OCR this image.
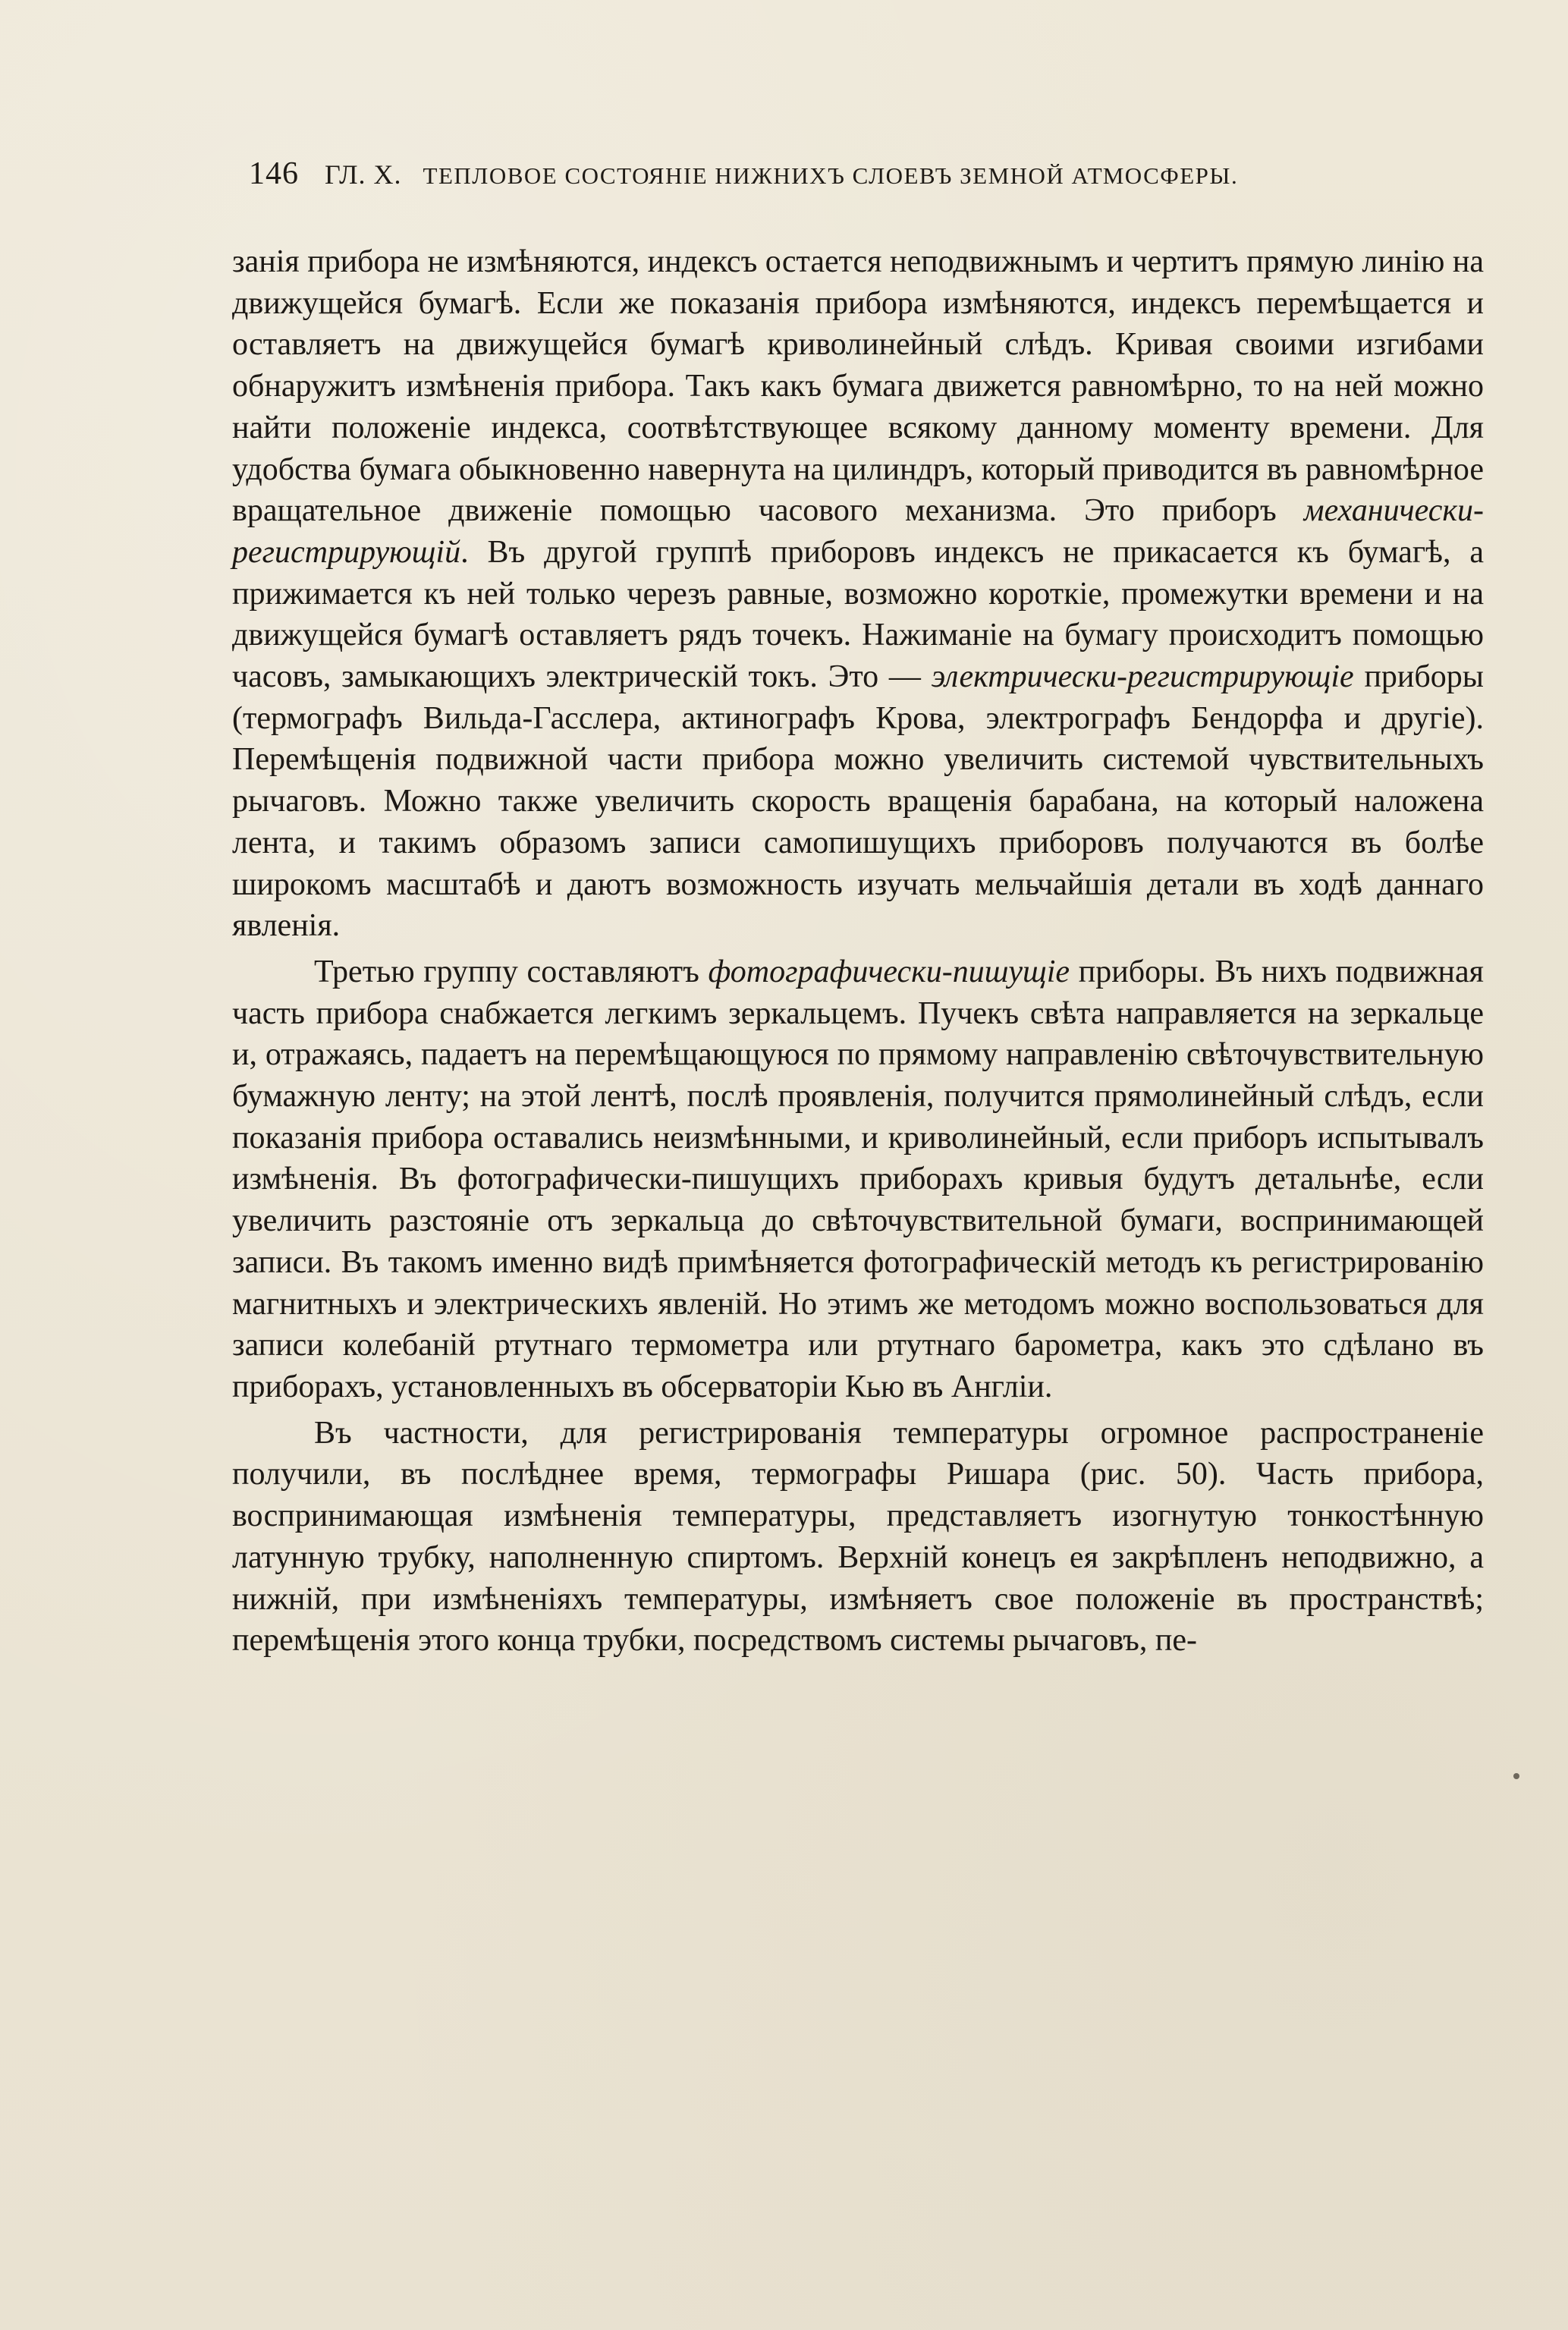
146 ГЛ. X. ТЕПЛОВОЕ СОСТОЯНІЕ НИЖНИХЪ СЛОЕВЪ ЗЕМНОЙ АТМОСФЕРЫ.

занія прибора не измѣняются, индексъ остается неподвижнымъ и чертитъ прямую линію на движущейся бумагѣ. Если же показанія прибора измѣняются, индексъ перемѣщается и оставляетъ на движущейся бумагѣ криволинейный слѣдъ. Кривая своими изгибами обнаружитъ измѣненія прибора. Такъ какъ бумага движется равномѣрно, то на ней можно найти положеніе индекса, соотвѣтствующее всякому данному моменту времени. Для удобства бумага обыкновенно навернута на цилиндръ, который приводится въ равномѣрное вращательное движеніе помощью часового механизма. Это приборъ механически-регистрирующій. Въ другой группѣ приборовъ индексъ не прикасается къ бумагѣ, а прижимается къ ней только черезъ равные, возможно короткіе, промежутки времени и на движущейся бумагѣ оставляетъ рядъ точекъ. Нажиманіе на бумагу происходитъ помощью часовъ, замыкающихъ электрическій токъ. Это — электрически-регистрирующіе приборы (термографъ Вильда-Гасслера, актинографъ Крова, электрографъ Бендорфа и другіе). Перемѣщенія подвижной части прибора можно увеличить системой чувствительныхъ рычаговъ. Можно также увеличить скорость вращенія барабана, на который наложена лента, и такимъ образомъ записи самопишущихъ приборовъ получаются въ болѣе широкомъ масштабѣ и даютъ возможность изучать мельчайшія детали въ ходѣ даннаго явленія.

Третью группу составляютъ фотографически-пишущіе приборы. Въ нихъ подвижная часть прибора снабжается легкимъ зеркальцемъ. Пучекъ свѣта направляется на зеркальце и, отражаясь, падаетъ на перемѣщающуюся по прямому направленію свѣточувствительную бумажную ленту; на этой лентѣ, послѣ проявленія, получится прямолинейный слѣдъ, если показанія прибора оставались неизмѣнными, и криволинейный, если приборъ испытывалъ измѣненія. Въ фотографически-пишущихъ приборахъ кривыя будутъ детальнѣе, если увеличить разстояніе отъ зеркальца до свѣточувствительной бумаги, воспринимающей записи. Въ такомъ именно видѣ примѣняется фотографическій методъ къ регистрированію магнитныхъ и электрическихъ явленій. Но этимъ же методомъ можно воспользоваться для записи колебаній ртутнаго термометра или ртутнаго барометра, какъ это сдѣлано въ приборахъ, установленныхъ въ обсерваторіи Кью въ Англіи.

Въ частности, для регистрированія температуры огромное распространеніе получили, въ послѣднее время, термографы Ришара (рис. 50). Часть прибора, воспринимающая измѣненія температуры, представляетъ изогнутую тонкостѣнную латунную трубку, наполненную спиртомъ. Верхній конецъ ея закрѣпленъ неподвижно, а нижній, при измѣненіяхъ температуры, измѣняетъ свое положеніе въ пространствѣ; перемѣщенія этого конца трубки, посредствомъ системы рычаговъ, пе-
